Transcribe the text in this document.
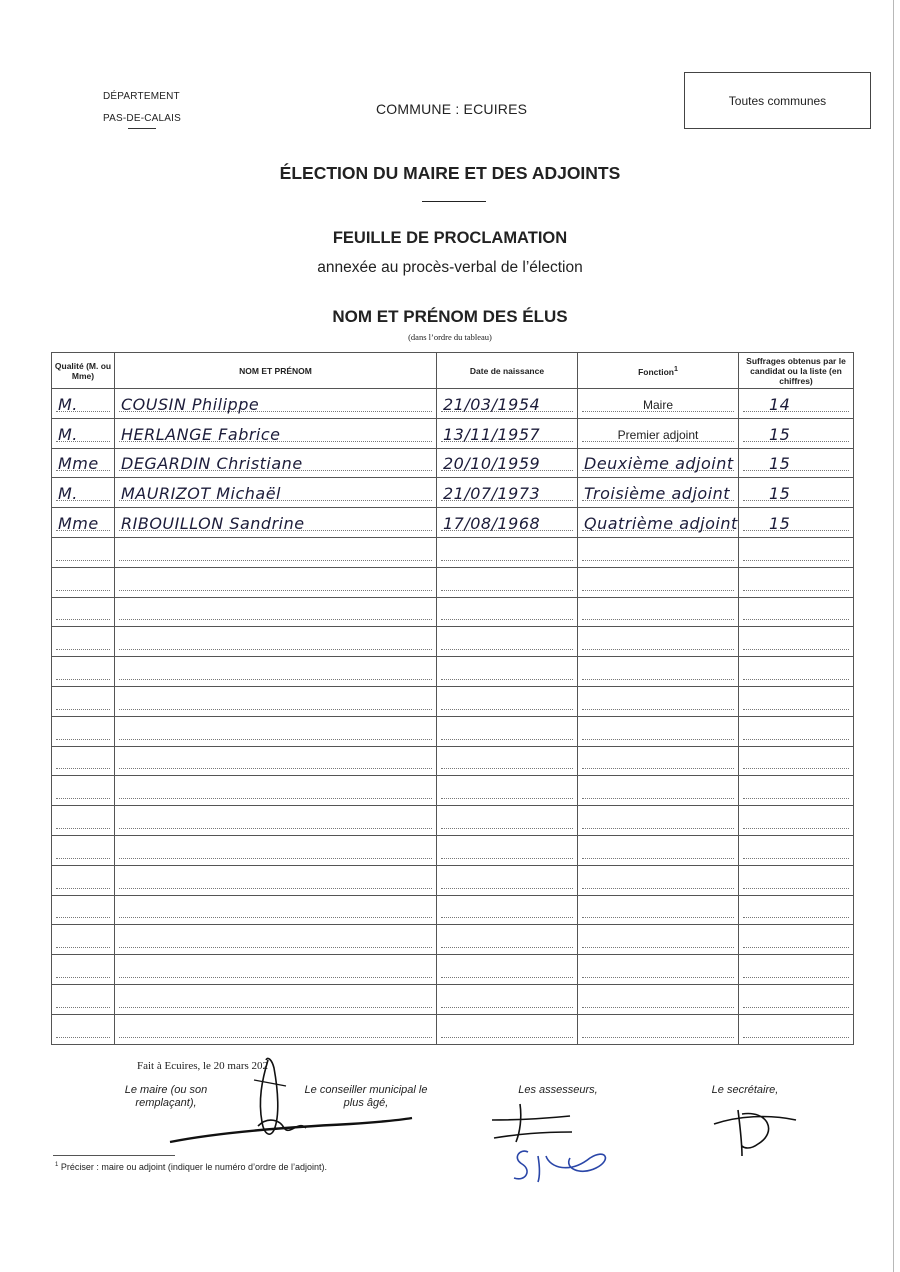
DÉPARTEMENT
PAS-DE-CALAIS
COMMUNE : ECUIRES
Toutes communes
ÉLECTION DU MAIRE ET DES ADJOINTS
FEUILLE DE PROCLAMATION
annexée au procès-verbal de l’élection
NOM ET PRÉNOM DES ÉLUS
(dans l’ordre du tableau)
Qualité (M. ou Mme)	NOM ET PRÉNOM	Date de naissance	Fonction$^1$	Suffrages obtenus par le candidat ou la liste (en chiffres)

M.	COUSIN Philippe	21/03/1954	Maire	14

M.	HERLANGE Fabrice	13/11/1957	Premier adjoint	15

Mme	DEGARDIN Christiane	20/10/1959	Deuxième adjoint	15

M.	MAURIZOT Michaël	21/07/1973	Troisième adjoint	15

Mme	RIBOUILLON Sandrine	17/08/1968	Quatrième adjoint	15

Fait à Ecuires, le 20 mars 202
Le maire (ou son remplaçant),
Le conseiller municipal le plus âgé,
Les assesseurs,	Le secrétaire,
$^1$ Préciser : maire ou adjoint (indiquer le numéro d’ordre de l’adjoint).
